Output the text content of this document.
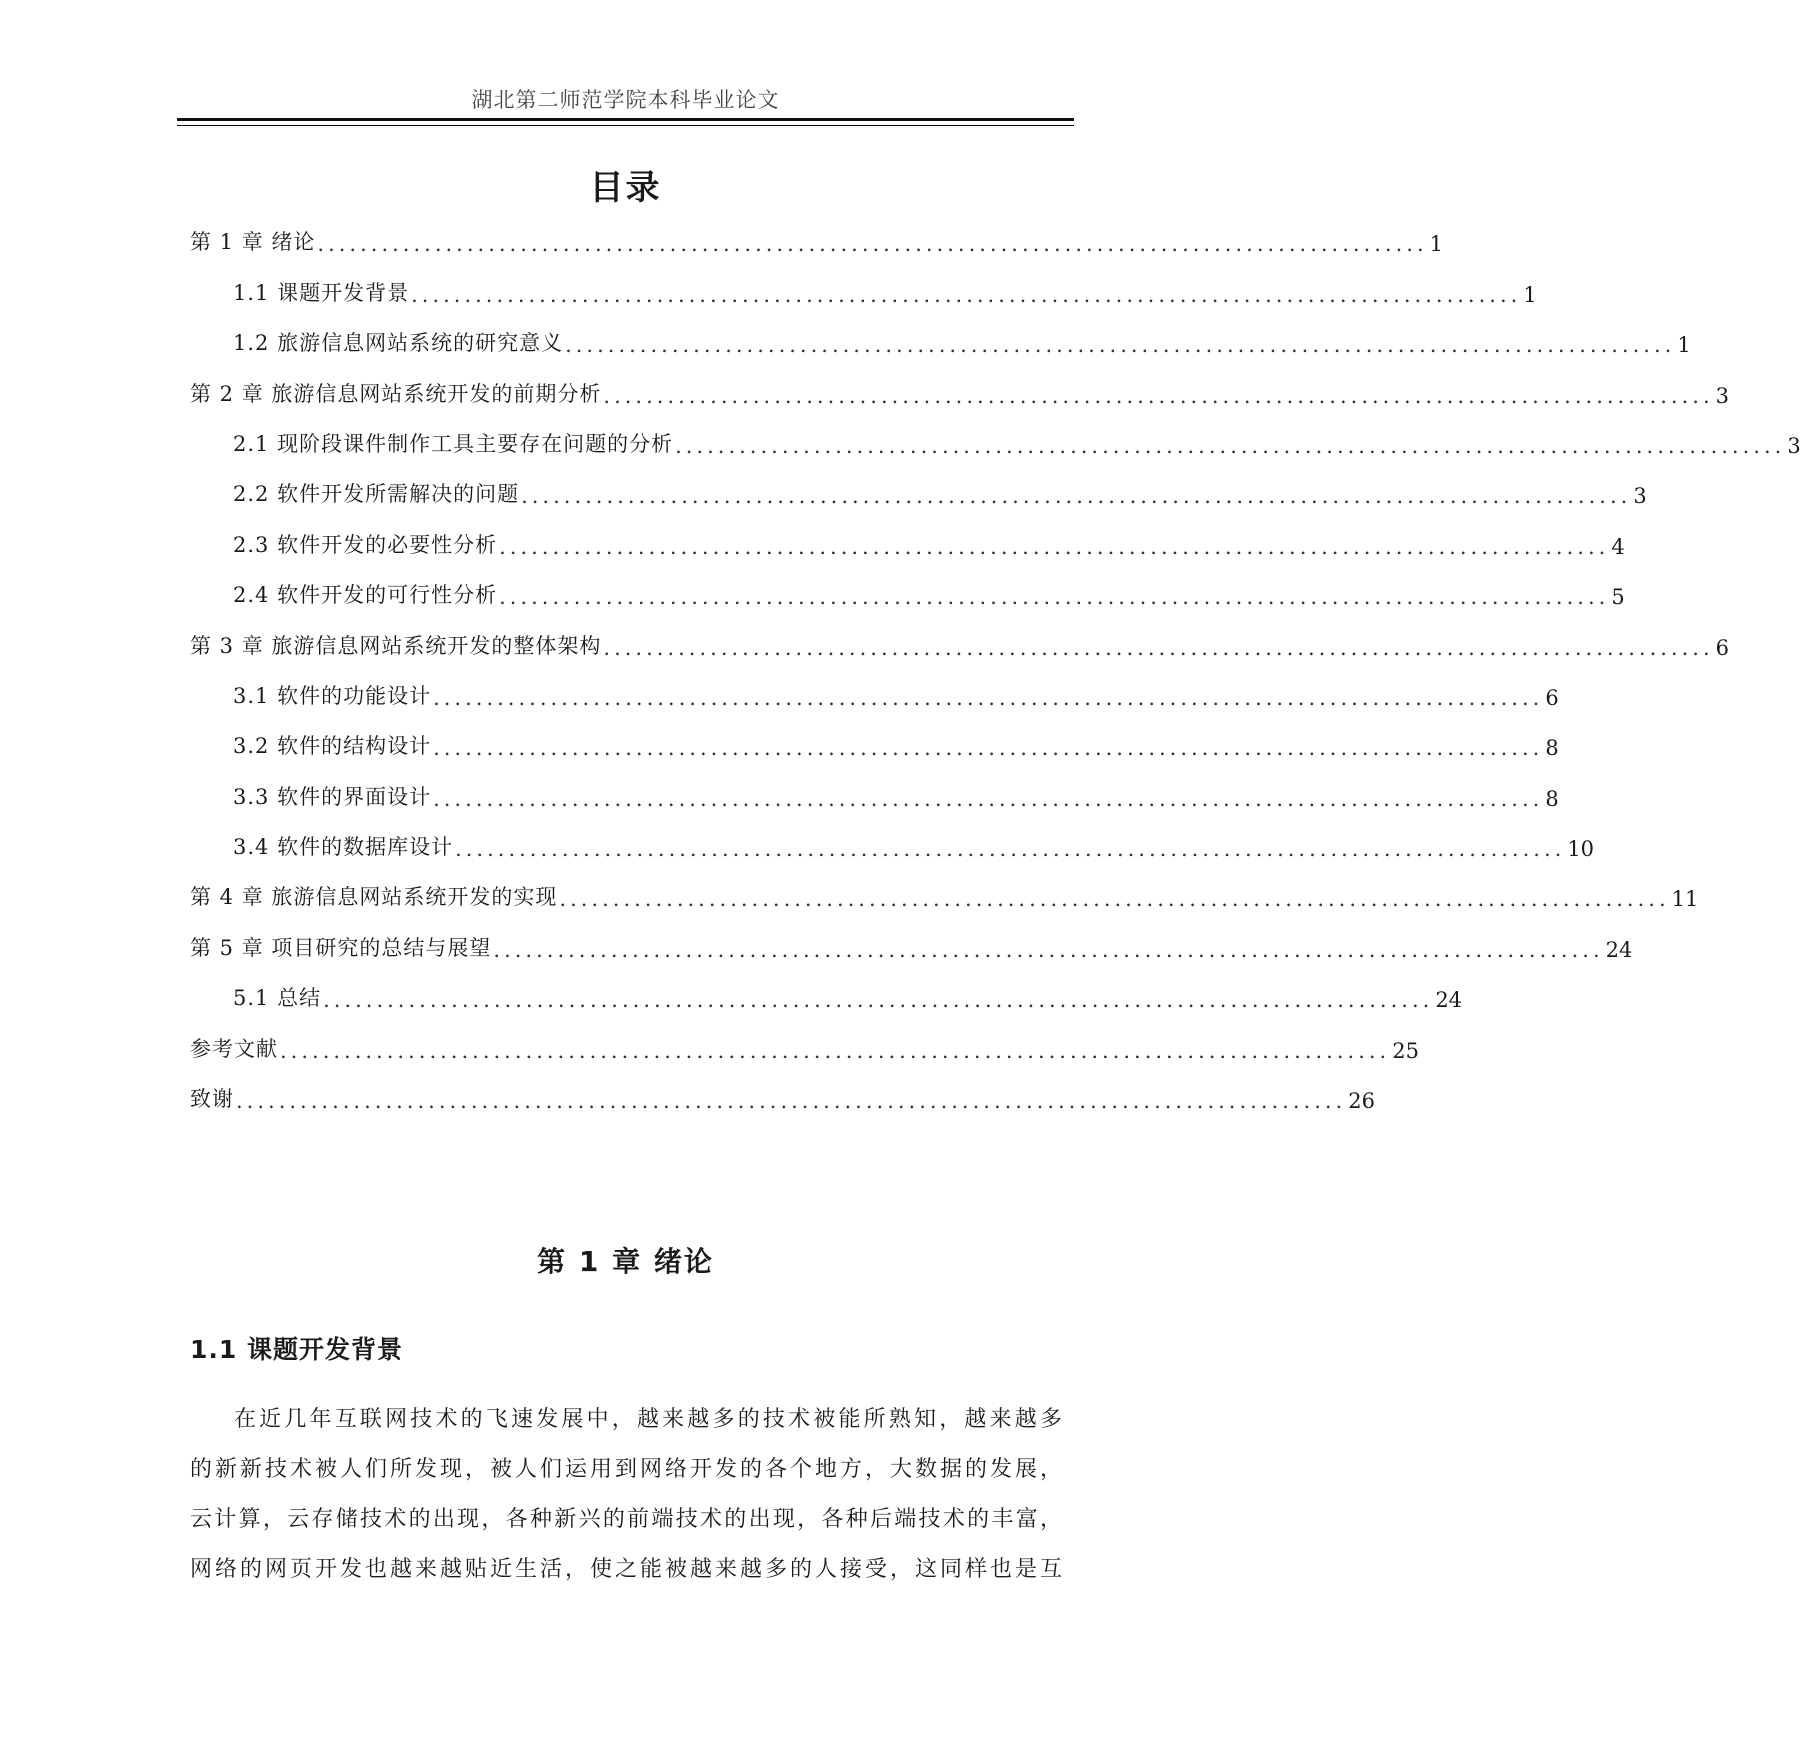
湖北第二师范学院本科毕业论文
目录
第 1 章 绪论 ........................................................................................................ 1
1.1 课题开发背景 ........................................................................................................ 1
1.2 旅游信息网站系统的研究意义 ........................................................................................................ 1
第 2 章 旅游信息网站系统开发的前期分析 ........................................................................................................ 3
2.1 现阶段课件制作工具主要存在问题的分析 ........................................................................................................ 3
2.2 软件开发所需解决的问题 ........................................................................................................ 3
2.3 软件开发的必要性分析 ........................................................................................................ 4
2.4 软件开发的可行性分析 ........................................................................................................ 5
第 3 章 旅游信息网站系统开发的整体架构 ........................................................................................................ 6
3.1 软件的功能设计 ........................................................................................................ 6
3.2 软件的结构设计 ........................................................................................................ 8
3.3 软件的界面设计 ........................................................................................................ 8
3.4 软件的数据库设计 ........................................................................................................ 10
第 4 章 旅游信息网站系统开发的实现 ........................................................................................................ 11
第 5 章 项目研究的总结与展望 ........................................................................................................ 24
5.1 总结 ........................................................................................................ 24
参考文献 ........................................................................................................ 25
致谢 ........................................................................................................ 26
第 1 章 绪论
1.1 课题开发背景
在近几年互联网技术的飞速发展中，越来越多的技术被能所熟知，越来越多
的新新技术被人们所发现，被人们运用到网络开发的各个地方，大数据的发展，
云计算，云存储技术的出现，各种新兴的前端技术的出现，各种后端技术的丰富，
网络的网页开发也越来越贴近生活，使之能被越来越多的人接受，这同样也是互
